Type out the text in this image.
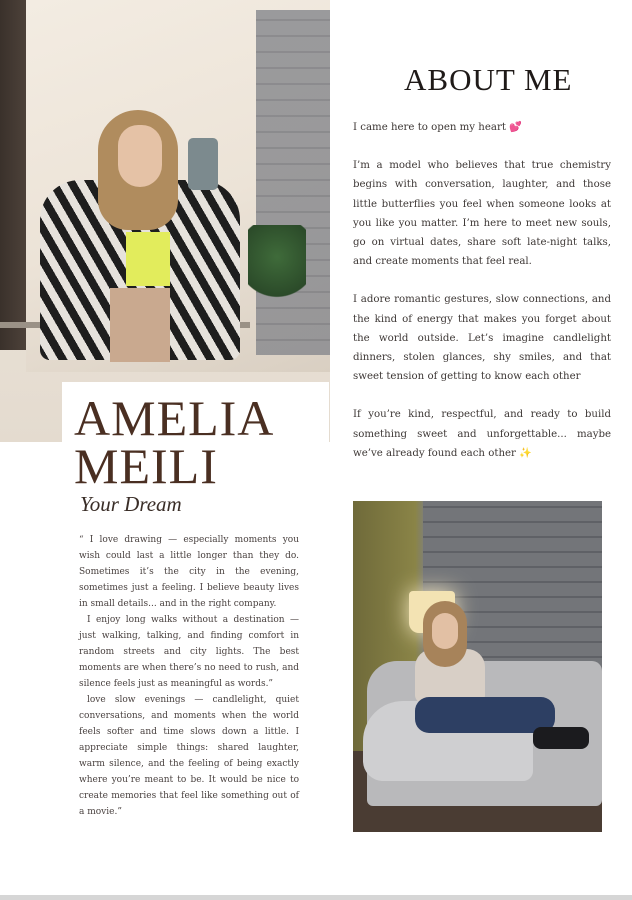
AMELIA
MEILI
Your Dream

“ I love drawing — especially moments you wish could last a little longer than they do. Sometimes it’s the city in the evening, sometimes just a feeling. I believe beauty lives in small details... and in the right company.

I enjoy long walks without a destination — just walking, talking, and finding comfort in random streets and city lights. The best moments are when there’s no need to rush, and silence feels just as meaningful as words.”

love slow evenings — candlelight, quiet conversations, and moments when the world feels softer and time slows down a little. I appreciate simple things: shared laughter, warm silence, and the feeling of being exactly where you’re meant to be. It would be nice to create memories that feel like something out of a movie.”

ABOUT ME

I came here to open my heart 💕

I’m a model who believes that true chemistry begins with conversation, laughter, and those little butterflies you feel when someone looks at you like you matter. I’m here to meet new souls, go on virtual dates, share soft late-night talks, and create moments that feel real.

I adore romantic gestures, slow connections, and the kind of energy that makes you forget about the world outside. Let’s imagine candlelight dinners, stolen glances, shy smiles, and that sweet tension of getting to know each other

If you’re kind, respectful, and ready to build something sweet and unforgettable... maybe we’ve already found each other ✨
